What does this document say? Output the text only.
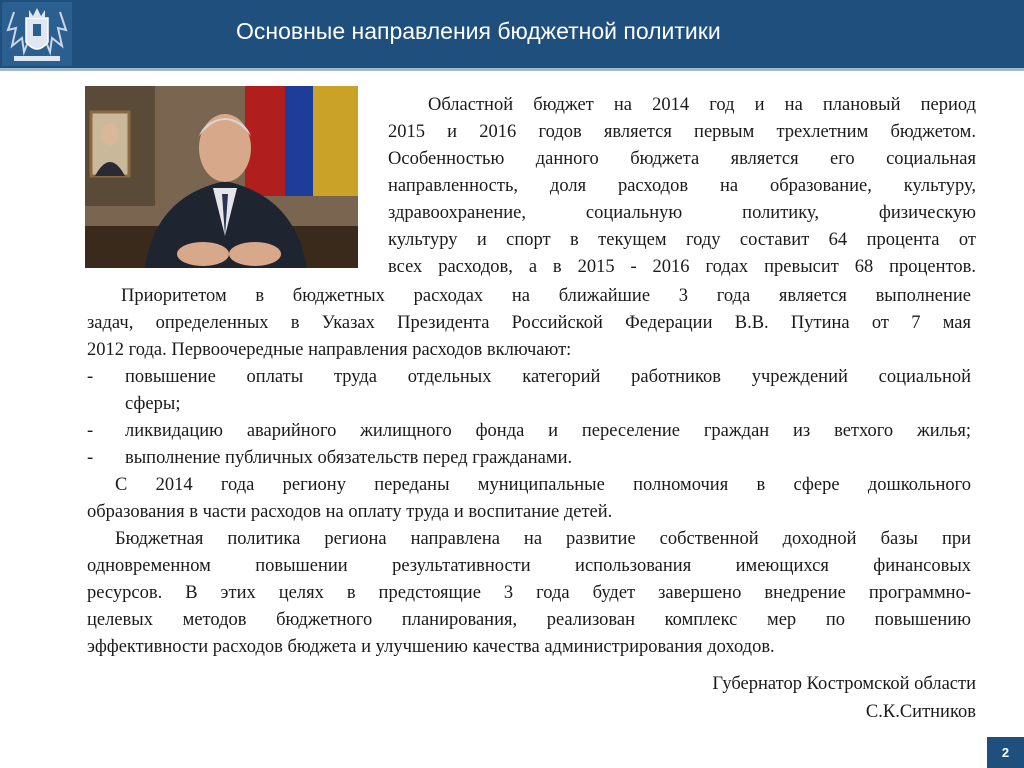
Основные направления бюджетной политики
Областной бюджет на 2014 год и на плановый период
2015 и 2016 годов является первым трехлетним бюджетом.
Особенностью данного бюджета является его социальная
направленность, доля расходов на образование, культуру,
здравоохранение, социальную политику, физическую
культуру и спорт в текущем году составит 64 процента от
всех расходов, а в 2015 - 2016 годах превысит 68 процентов.
Приоритетом в бюджетных расходах на ближайшие 3 года является выполнение
задач, определенных в Указах Президента Российской Федерации В.В. Путина от 7 мая
2012 года. Первоочередные направления расходов включают:
- повышение оплаты труда отдельных категорий работников учреждений социальной
сферы;
- ликвидацию аварийного жилищного фонда и переселение граждан из ветхого жилья;
- выполнение публичных обязательств перед гражданами.
С 2014 года региону переданы муниципальные полномочия в сфере дошкольного
образования в части расходов на оплату труда и воспитание детей.
Бюджетная политика региона направлена на развитие собственной доходной базы при
одновременном повышении результативности использования имеющихся финансовых
ресурсов. В этих целях в предстоящие 3 года будет завершено внедрение программно-
целевых методов бюджетного планирования, реализован комплекс мер по повышению
эффективности расходов бюджета и улучшению качества администрирования доходов.
Губернатор Костромской области
С.К.Ситников
2
